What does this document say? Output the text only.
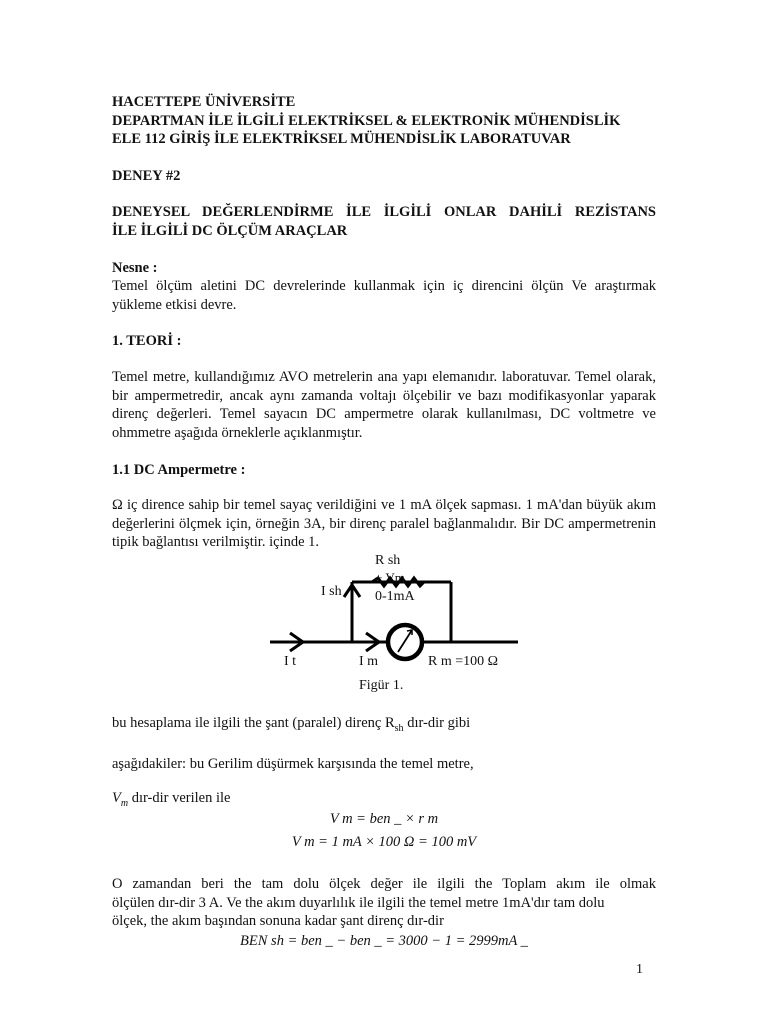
HACETTEPE ÜNİVERSİTE
DEPARTMAN İLE İLGİLİ ELEKTRİKSEL & ELEKTRONİK MÜHENDİSLİK
ELE 112 GİRİŞ İLE ELEKTRİKSEL MÜHENDİSLİK LABORATUVAR
DENEY #2
DENEYSEL DEĞERLENDİRME İLE İLGİLİ ONLAR DAHİLİ REZİSTANS
İLE İLGİLİ DC ÖLÇÜM ARAÇLAR
Nesne :
Temel ölçüm aletini DC devrelerinde kullanmak için iç direncini ölçün Ve araştırmak yükleme etkisi devre.
1. TEORİ :
Temel metre, kullandığımız AVO metrelerin ana yapı elemanıdır. laboratuvar. Temel olarak, bir ampermetredir, ancak aynı zamanda voltajı ölçebilir ve bazı modifikasyonlar yaparak direnç değerleri. Temel sayacın DC ampermetre olarak kullanılması, DC voltmetre ve ohmmetre aşağıda örneklerle açıklanmıştır.
1.1 DC Ampermetre :
Ω iç dirence sahip bir temel sayaç verildiğini ve 1 mA ölçek sapması. 1 mA'dan büyük akım değerlerini ölçmek için, örneğin 3A, bir direnç paralel bağlanmalıdır. Bir DC ampermetrenin tipik bağlantısı verilmiştir. içinde 1.
R sh
+ Vm
0-1mA
I sh
I t	I m	R m =100 Ω
Figür 1.
bu hesaplama ile ilgili the şant (paralel) direnç $R_{sh}$ dır-dir gibi
aşağıdakiler: bu Gerilim düşürmek karşısında the temel metre,
$V_m$ dır-dir verilen ile
V m = ben _ × r m
V m = 1 mA × 100 Ω = 100 mV
O zamandan beri the tam dolu ölçek değer ile ilgili the Toplam akım ile olmak
ölçülen dır-dir 3 A. Ve the akım duyarlılık ile ilgili the temel metre 1mA'dır tam dolu
ölçek, the akım başından sonuna kadar şant direnç dır-dir
BEN sh = ben _ − ben _ = 3000 − 1 = 2999mA _
1
